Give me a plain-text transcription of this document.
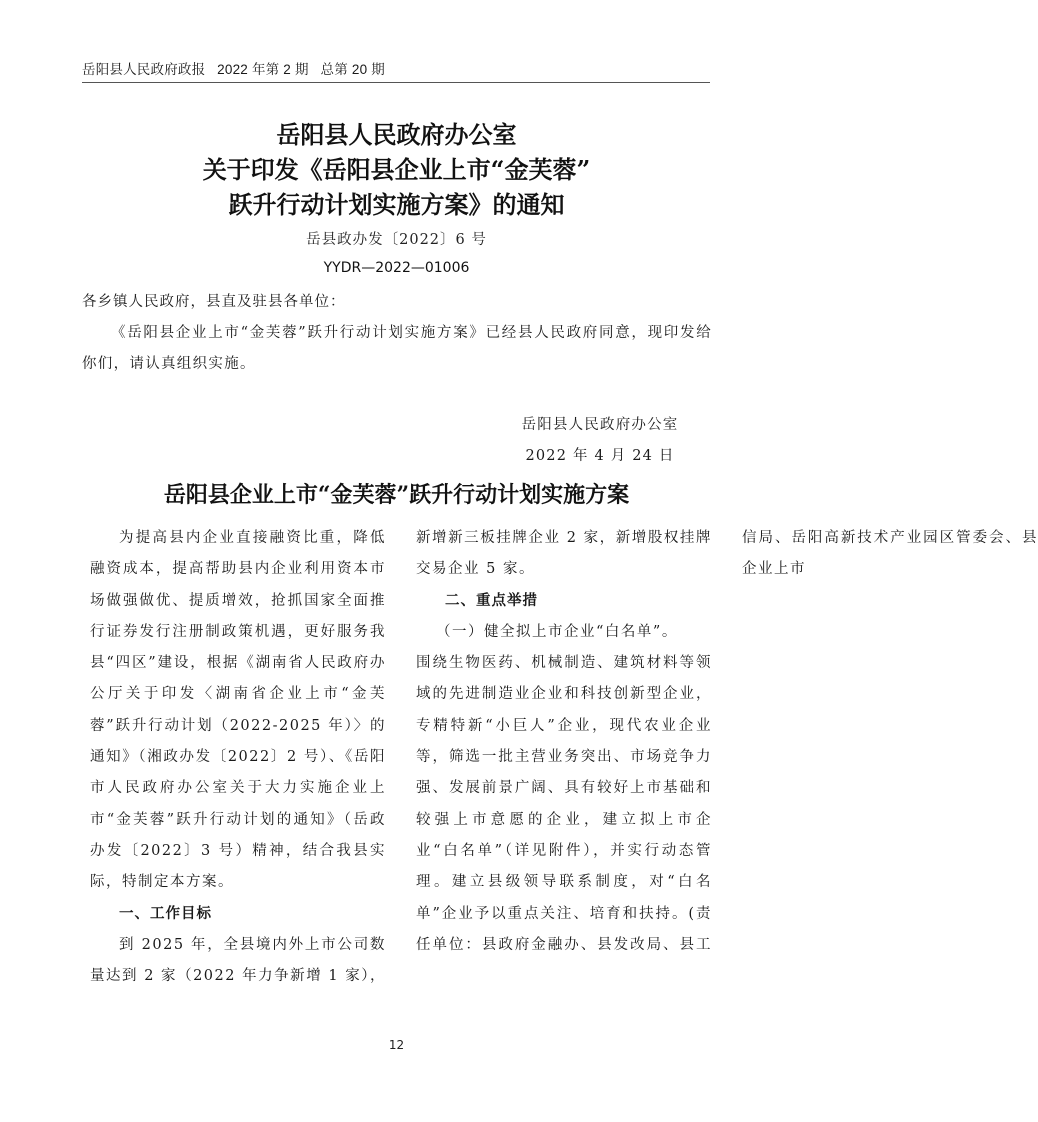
岳阳县人民政府政报 2022 年第 2 期 总第 20 期
岳阳县人民政府办公室
关于印发《岳阳县企业上市“金芙蓉”
跃升行动计划实施方案》的通知
岳县政办发〔2022〕6 号
YYDR—2022—01006
各乡镇人民政府，县直及驻县各单位：
《岳阳县企业上市“金芙蓉”跃升行动计划实施方案》已经县人民政府同意，现印发给你们，请认真组织实施。
岳阳县人民政府办公室
2022 年 4 月 24 日
岳阳县企业上市“金芙蓉”跃升行动计划实施方案

为提高县内企业直接融资比重，降低融资成本，提高帮助县内企业利用资本市场做强做优、提质增效，抢抓国家全面推行证券发行注册制政策机遇，更好服务我县“四区”建设，根据《湖南省人民政府办公厅关于印发〈湖南省企业上市“金芙蓉”跃升行动计划（2022-2025 年）〉的通知》（湘政办发〔2022〕2 号）、《岳阳市人民政府办公室关于大力实施企业上市“金芙蓉”跃升行动计划的通知》（岳政办发〔2022〕3 号）精神，结合我县实际，特制定本方案。

一、工作目标

到 2025 年，全县境内外上市公司数量达到 2 家（2022 年力争新增 1 家），新增新三板挂牌企业 2 家，新增股权挂牌交易企业 5 家。

二、重点举措

（一）健全拟上市企业“白名单”。

围绕生物医药、机械制造、建筑材料等领域的先进制造业企业和科技创新型企业，专精特新“小巨人”企业，现代农业企业等，筛选一批主营业务突出、市场竞争力强、发展前景广阔、具有较好上市基础和较强上市意愿的企业，建立拟上市企业“白名单”（详见附件），并实行动态管理。建立县级领导联系制度，对“白名单”企业予以重点关注、培育和扶持。(责任单位：县政府金融办、县发改局、县工信局、岳阳高新技术产业园区管委会、县企业上市

12
